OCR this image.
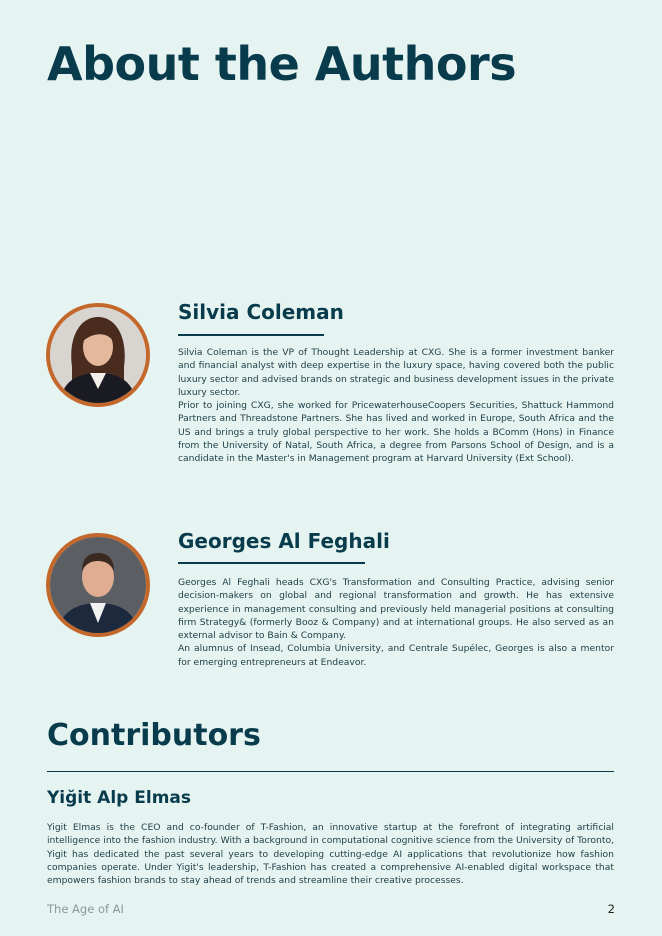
About the Authors
Silvia Coleman

Silvia Coleman is the VP of Thought Leadership at CXG. She is a former investment banker and financial analyst with deep expertise in the luxury space, having covered both the public luxury sector and advised brands on strategic and business development issues in the private luxury sector.

Prior to joining CXG, she worked for PricewaterhouseCoopers Securities, Shattuck Hammond Partners and Threadstone Partners. She has lived and worked in Europe, South Africa and the US and brings a truly global perspective to her work. She holds a BComm (Hons) in Finance from the University of Natal, South Africa, a degree from Parsons School of Design, and is a candidate in the Master's in Management program at Harvard University (Ext School).

Georges Al Feghali

Georges Al Feghali heads CXG's Transformation and Consulting Practice, advising senior decision-makers on global and regional transformation and growth. He has extensive experience in management consulting and previously held managerial positions at consulting firm Strategy& (formerly Booz & Company) and at international groups. He also served as an external advisor to Bain & Company.

An alumnus of Insead, Columbia University, and Centrale Supélec, Georges is also a mentor for emerging entrepreneurs at Endeavor.

Contributors
Yiğit Alp Elmas

Yigit Elmas is the CEO and co-founder of T-Fashion, an innovative startup at the forefront of integrating artificial intelligence into the fashion industry. With a background in computational cognitive science from the University of Toronto, Yigit has dedicated the past several years to developing cutting-edge AI applications that revolutionize how fashion companies operate. Under Yigit's leadership, T-Fashion has created a comprehensive AI-enabled digital workspace that empowers fashion brands to stay ahead of trends and streamline their creative processes.

The Age of AI	2
